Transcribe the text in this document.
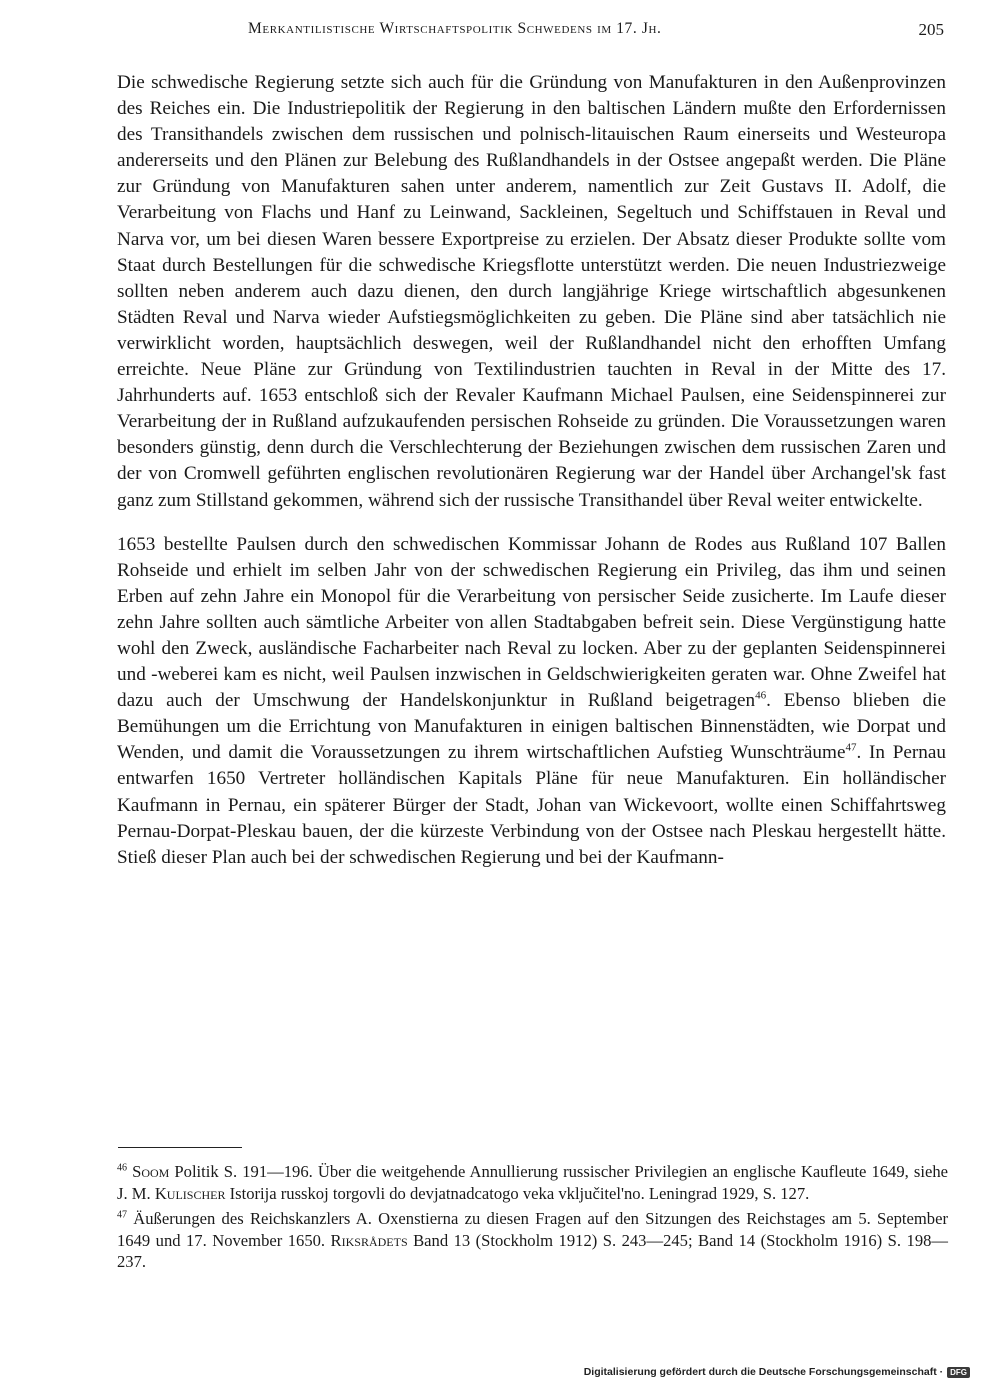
Merkantilistische Wirtschaftspolitik Schwedens im 17. Jh.	205

Die schwedische Regierung setzte sich auch für die Gründung von Manufakturen in den Außenprovinzen des Reiches ein. Die Industriepolitik der Regierung in den baltischen Ländern mußte den Erfordernissen des Transithandels zwischen dem russischen und polnisch-litauischen Raum einerseits und Westeuropa andererseits und den Plänen zur Belebung des Rußlandhandels in der Ostsee angepaßt werden. Die Pläne zur Gründung von Manufakturen sahen unter anderem, namentlich zur Zeit Gustavs II. Adolf, die Verarbeitung von Flachs und Hanf zu Leinwand, Sackleinen, Segeltuch und Schiffstauen in Reval und Narva vor, um bei diesen Waren bessere Exportpreise zu erzielen. Der Absatz dieser Produkte sollte vom Staat durch Bestellungen für die schwedische Kriegsflotte unterstützt werden. Die neuen Industriezweige sollten neben anderem auch dazu dienen, den durch langjährige Kriege wirtschaftlich abgesunkenen Städten Reval und Narva wieder Aufstiegsmöglichkeiten zu geben. Die Pläne sind aber tatsächlich nie verwirklicht worden, hauptsächlich deswegen, weil der Rußlandhandel nicht den erhofften Umfang erreichte. Neue Pläne zur Gründung von Textilindustrien tauchten in Reval in der Mitte des 17. Jahrhunderts auf. 1653 entschloß sich der Revaler Kaufmann Michael Paulsen, eine Seidenspinnerei zur Verarbeitung der in Rußland aufzukaufenden persischen Rohseide zu gründen. Die Voraussetzungen waren besonders günstig, denn durch die Verschlechterung der Beziehungen zwischen dem russischen Zaren und der von Cromwell geführten englischen revolutionären Regierung war der Handel über Archangel'sk fast ganz zum Stillstand gekommen, während sich der russische Transithandel über Reval weiter entwickelte.

1653 bestellte Paulsen durch den schwedischen Kommissar Johann de Rodes aus Rußland 107 Ballen Rohseide und erhielt im selben Jahr von der schwedischen Regierung ein Privileg, das ihm und seinen Erben auf zehn Jahre ein Monopol für die Verarbeitung von persischer Seide zusicherte. Im Laufe dieser zehn Jahre sollten auch sämtliche Arbeiter von allen Stadtabgaben befreit sein. Diese Vergünstigung hatte wohl den Zweck, ausländische Facharbeiter nach Reval zu locken. Aber zu der geplanten Seidenspinnerei und -weberei kam es nicht, weil Paulsen inzwischen in Geldschwierigkeiten geraten war. Ohne Zweifel hat dazu auch der Umschwung der Handelskonjunktur in Rußland beigetragen$^{46}$. Ebenso blieben die Bemühungen um die Errichtung von Manufakturen in einigen baltischen Binnenstädten, wie Dorpat und Wenden, und damit die Voraussetzungen zu ihrem wirtschaftlichen Aufstieg Wunschträume$^{47}$. In Pernau entwarfen 1650 Vertreter holländischen Kapitals Pläne für neue Manufakturen. Ein holländischer Kaufmann in Pernau, ein späterer Bürger der Stadt, Johan van Wickevoort, wollte einen Schiffahrtsweg Pernau-Dorpat-Pleskau bauen, der die kürzeste Verbindung von der Ostsee nach Pleskau hergestellt hätte. Stieß dieser Plan auch bei der schwedischen Regierung und bei der Kaufmann-

$^{46}$ Soom Politik S. 191—196. Über die weitgehende Annullierung russischer Privilegien an englische Kaufleute 1649, siehe J. M. Kulischer Istorija russkoj torgovli do devjatnadcatogo veka vključitel'no. Leningrad 1929, S. 127.

$^{47}$ Äußerungen des Reichskanzlers A. Oxenstierna zu diesen Fragen auf den Sitzungen des Reichstages am 5. September 1649 und 17. November 1650. Riksrådets Band 13 (Stockholm 1912) S. 243—245; Band 14 (Stockholm 1916) S. 198—237.

Digitalisierung gefördert durch die Deutsche Forschungsgemeinschaft · DFG
